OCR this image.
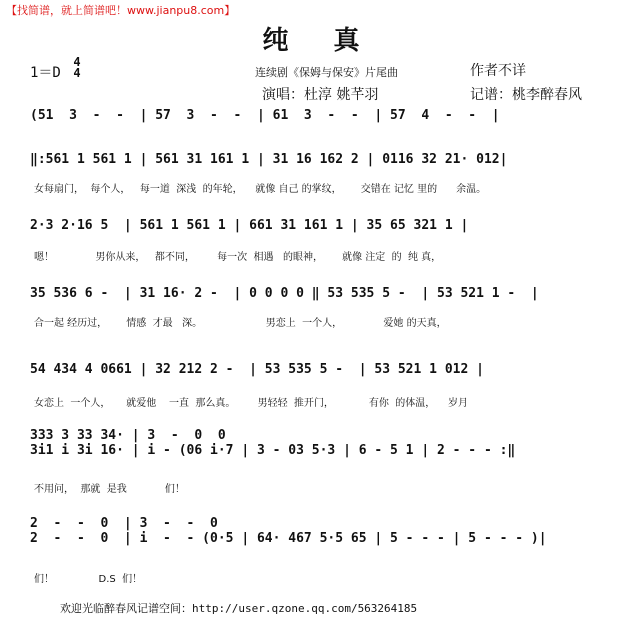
【找简谱，就上简谱吧！www.jianpu8.com】
纯 真
1＝D
4
4	连续剧《保姆与保安》片尾曲	作者不详
演唱：杜淳 姚芊羽	记谱：桃李醉春风
(51  3  -  -  | 57  3  -  -  | 61  3  -  -  | 57  4  -  -  |
‖:561 1 561 1 | 561 31 161 1 | 31 16 162 2 | 0116 32 21· 012|
女每扇门，  每个人，   每一道  深浅  的年轮，    就像 自己 的掌纹，      交错在 记忆 里的      余温。
2·3 2·16 5  | 561 1 561 1 | 661 31 161 1 | 35 65 321 1 |
嗯！             男你从来，   都不同，       每一次  相遇   的眼神，      就像 注定  的  纯 真，
35 536 6 -  | 31 16· 2 -  | 0 0 0 0 ‖ 53 535 5 -  | 53 521 1 -  |
合一起 经历过，      情感  才最   深。                    男恋上  一个人，             爱她 的天真，
54 434 4 0661 | 32 212 2 -  | 53 535 5 -  | 53 521 1 012 |
女恋上  一个人，     就爱他    一直  那么真。       男轻轻  推开门，           有你  的体温，    岁月
333 3 33 34· | 3  -  0  0
3i1 i 3i 16· | i - (06 i·7 | 3 - 03 5·3 | 6 - 5 1 | 2 - - - :‖
不用问，  那就  是我            们！
2  -  -  0  | 3  -  -  0
2  -  -  0  | i  -  - (0·5 | 64· 467 5·5 65 | 5 - - - | 5 - - - )|
们！              D.S  们！
欢迎光临醉春风记谱空间：http://user.qzone.qq.com/563264185
